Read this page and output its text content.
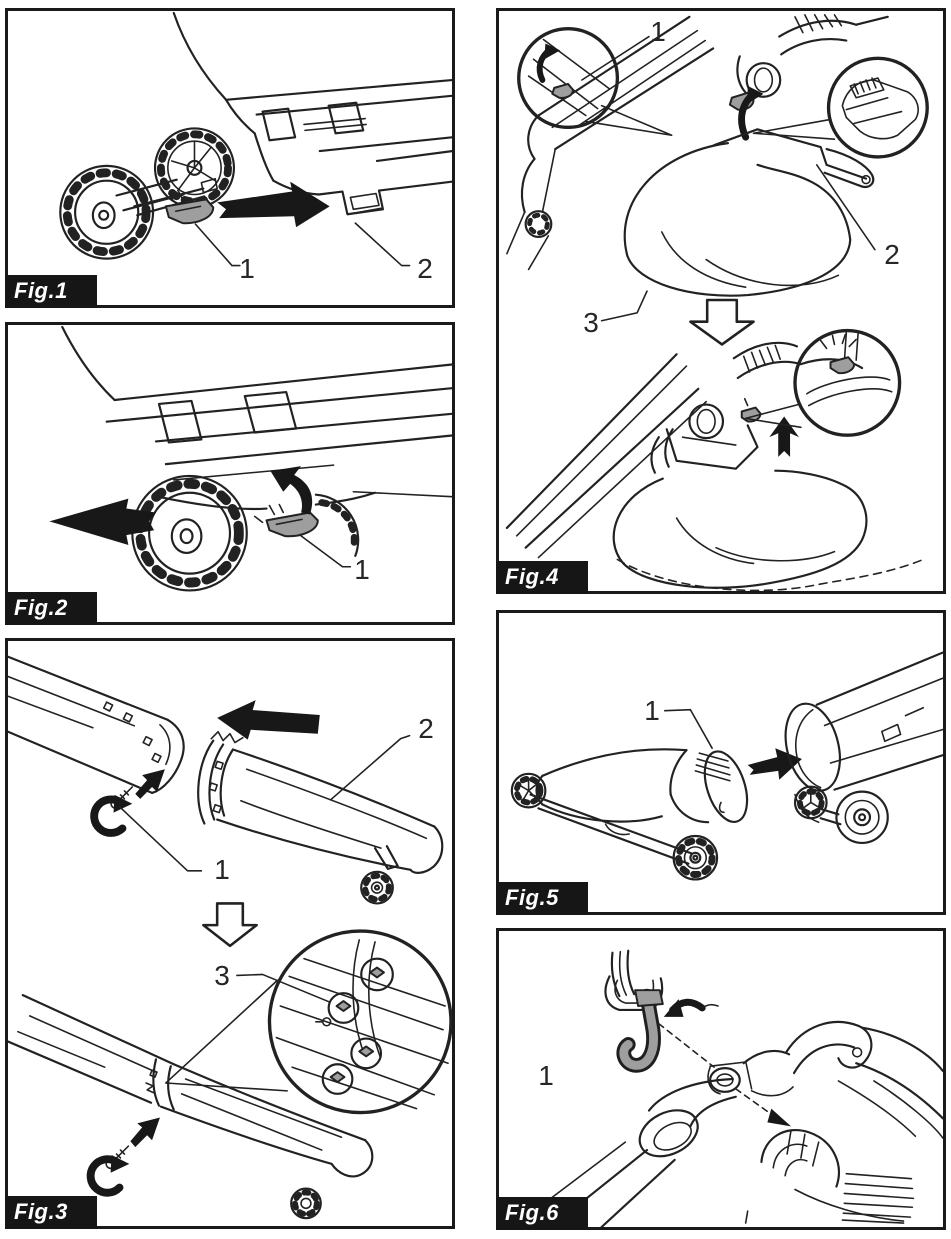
1	2
Fig.1
1
Fig.2
1
2
3
Fig.3
1
2
3
Fig.4
1
Fig.5
1
Fig.6
